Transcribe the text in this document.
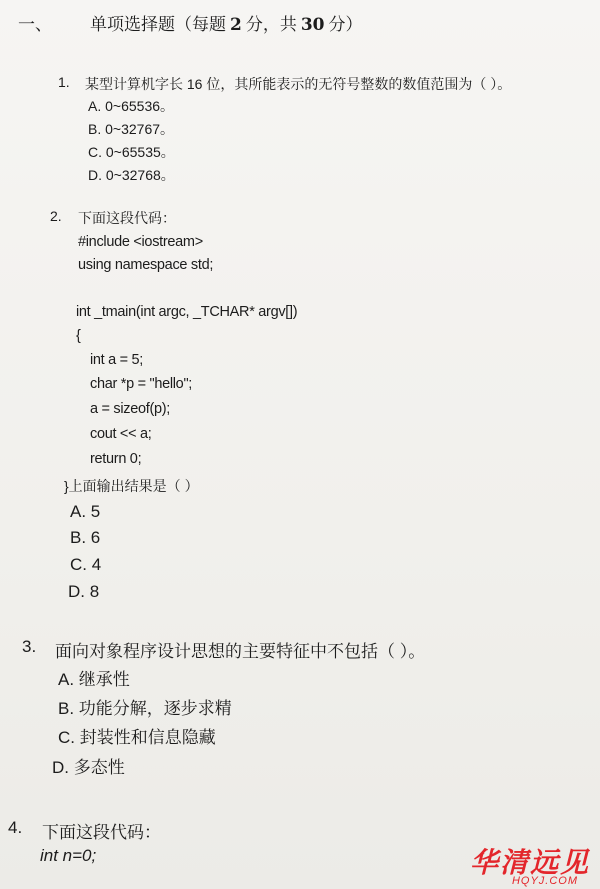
一、 单项选择题（每题 2 分，共 30 分）
1. 某型计算机字长 16 位，其所能表示的无符号整数的数值范围为（ ）。
A. 0~65536。
B. 0~32767。
C. 0~65535。
D. 0~32768。
2. 下面这段代码：
#include <iostream>
using namespace std;
int _tmain(int argc, _TCHAR* argv[])
{
int a = 5;
char *p = "hello";
a = sizeof(p);
cout << a;
return 0;
}上面输出结果是（ ）
A. 5
B. 6
C. 4
D. 8
3. 面向对象程序设计思想的主要特征中不包括（ ）。
A. 继承性
B. 功能分解，逐步求精
C. 封装性和信息隐藏
D. 多态性
4. 下面这段代码：
int n=0;	华清远见
HQYJ.COM
